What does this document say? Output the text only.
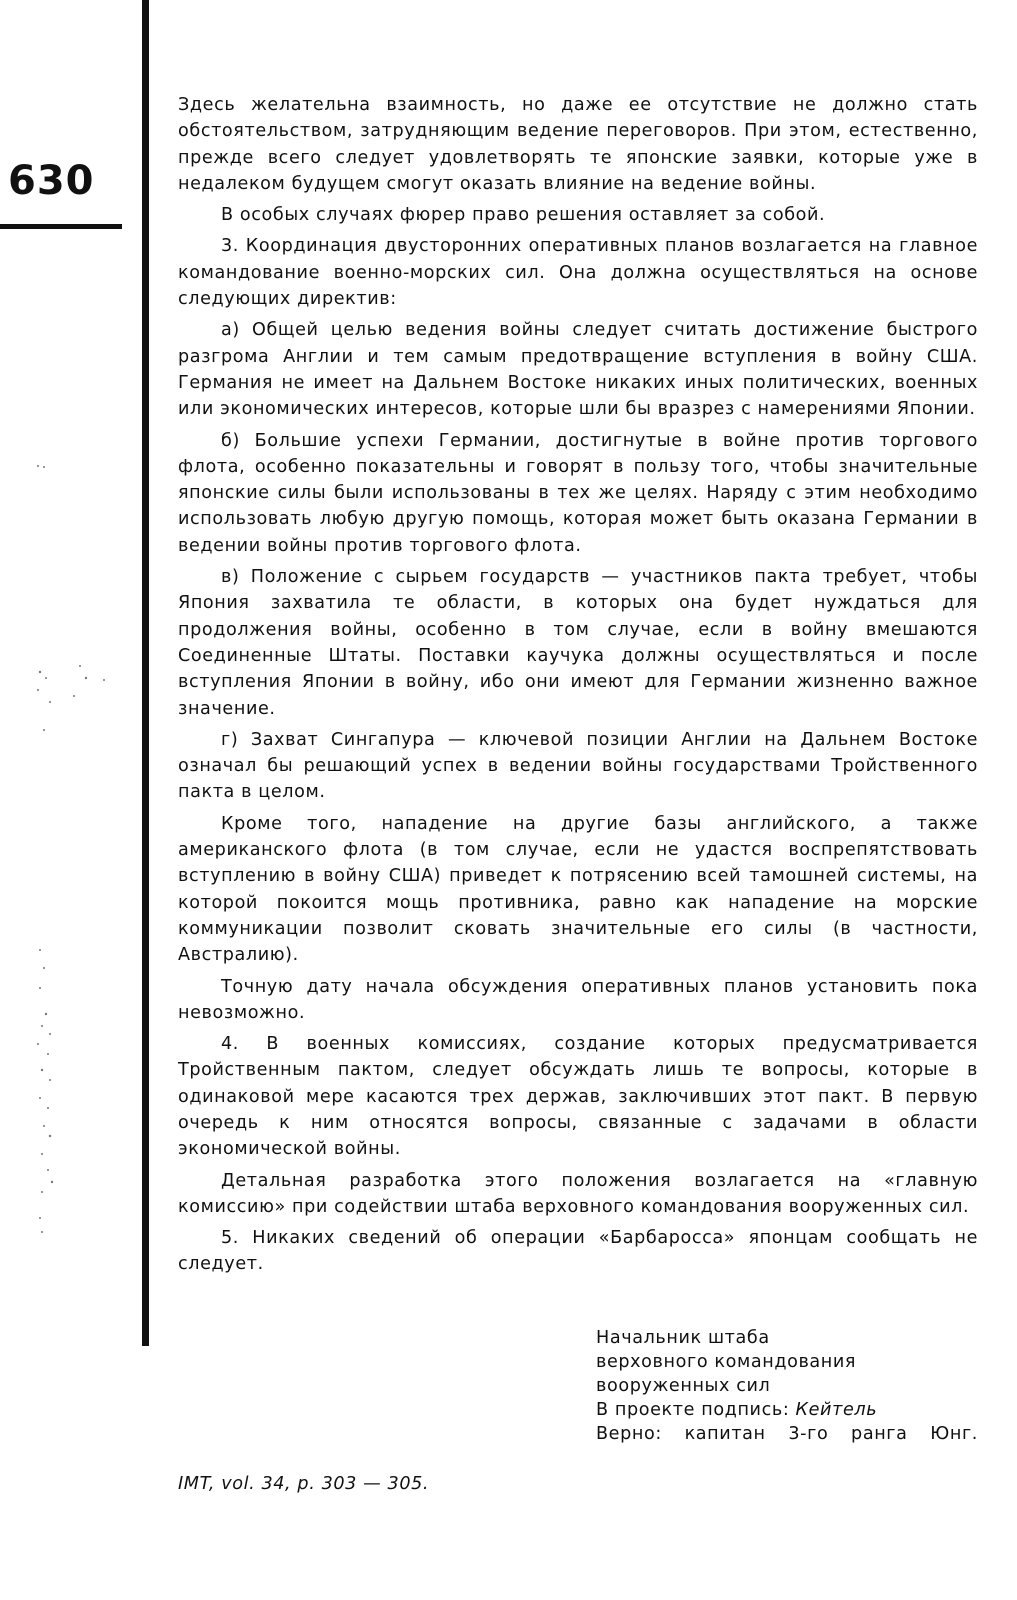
630

Здесь желательна взаимность, но даже ее отсутствие не должно стать обстоятельством, затрудняющим ведение переговоров. При этом, естественно, прежде всего следует удовлетворять те японские заявки, которые уже в недалеком будущем смогут оказать влияние на ведение войны.

В особых случаях фюрер право решения оставляет за собой.

3. Координация двусторонних оперативных планов возлагается на главное командование военно-морских сил. Она должна осуществляться на основе следующих директив:

а) Общей целью ведения войны следует считать достижение быстрого разгрома Англии и тем самым предотвращение вступления в войну США. Германия не имеет на Дальнем Востоке никаких иных политических, военных или экономических интересов, которые шли бы вразрез с намерениями Японии.

б) Большие успехи Германии, достигнутые в войне против торгового флота, особенно показательны и говорят в пользу того, чтобы значительные японские силы были использованы в тех же целях. Наряду с этим необходимо использовать любую другую помощь, которая может быть оказана Германии в ведении войны против торгового флота.

в) Положение с сырьем государств — участников пакта требует, чтобы Япония захватила те области, в которых она будет нуждаться для продолжения войны, особенно в том случае, если в войну вмешаются Соединенные Штаты. Поставки каучука должны осуществляться и после вступления Японии в войну, ибо они имеют для Германии жизненно важное значение.

г) Захват Сингапура — ключевой позиции Англии на Дальнем Востоке означал бы решающий успех в ведении войны государствами Тройственного пакта в целом.

Кроме того, нападение на другие базы английского, а также американского флота (в том случае, если не удастся воспрепятствовать вступлению в войну США) приведет к потрясению всей тамошней системы, на которой покоится мощь противника, равно как нападение на морские коммуникации позволит сковать значительные его силы (в частности, Австралию).

Точную дату начала обсуждения оперативных планов установить пока невозможно.

4. В военных комиссиях, создание которых предусматривается Тройственным пактом, следует обсуждать лишь те вопросы, которые в одинаковой мере касаются трех держав, заключивших этот пакт. В первую очередь к ним относятся вопросы, связанные с задачами в области экономической войны.

Детальная разработка этого положения возлагается на «главную комиссию» при содействии штаба верховного командования вооруженных сил.

5. Никаких сведений об операции «Барбаросса» японцам сообщать не следует.

Начальник штаба
верховного командования
вооруженных сил
В проекте подпись: Кейтель
Верно: капитан 3-го ранга Юнг.
IMT, vol. 34, p. 303 — 305.
